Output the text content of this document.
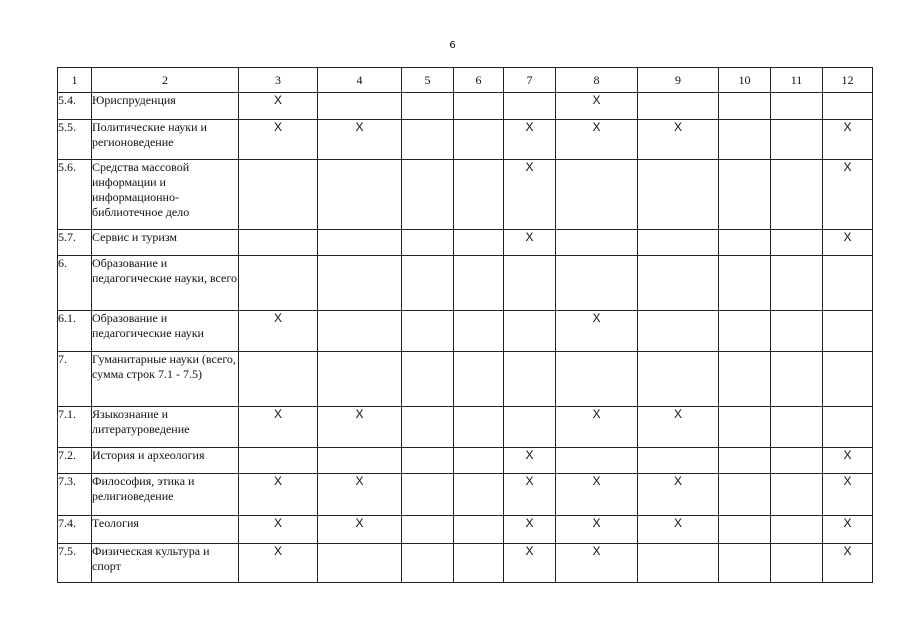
6
1	2	3	4	5	6	7	8	9	10	11	12
5.4.	Юриспруденция	X					X				
5.5.	Политические науки и регионоведение	X	X			X	X	X			X
5.6.	Средства массовой информации и информационно-библиотечное дело					X					X
5.7.	Сервис и туризм					X					X
6.	Образование и педагогические науки, всего										
6.1.	Образование и педагогические науки	X					X				
7.	Гуманитарные науки (всего, сумма строк 7.1 - 7.5)										
7.1.	Языкознание и литературоведение	X	X				X	X			
7.2.	История и археология					X					X
7.3.	Философия, этика и религиоведение	X	X			X	X	X			X
7.4.	Теология	X	X			X	X	X			X
7.5.	Физическая культура и спорт	X				X	X				X
